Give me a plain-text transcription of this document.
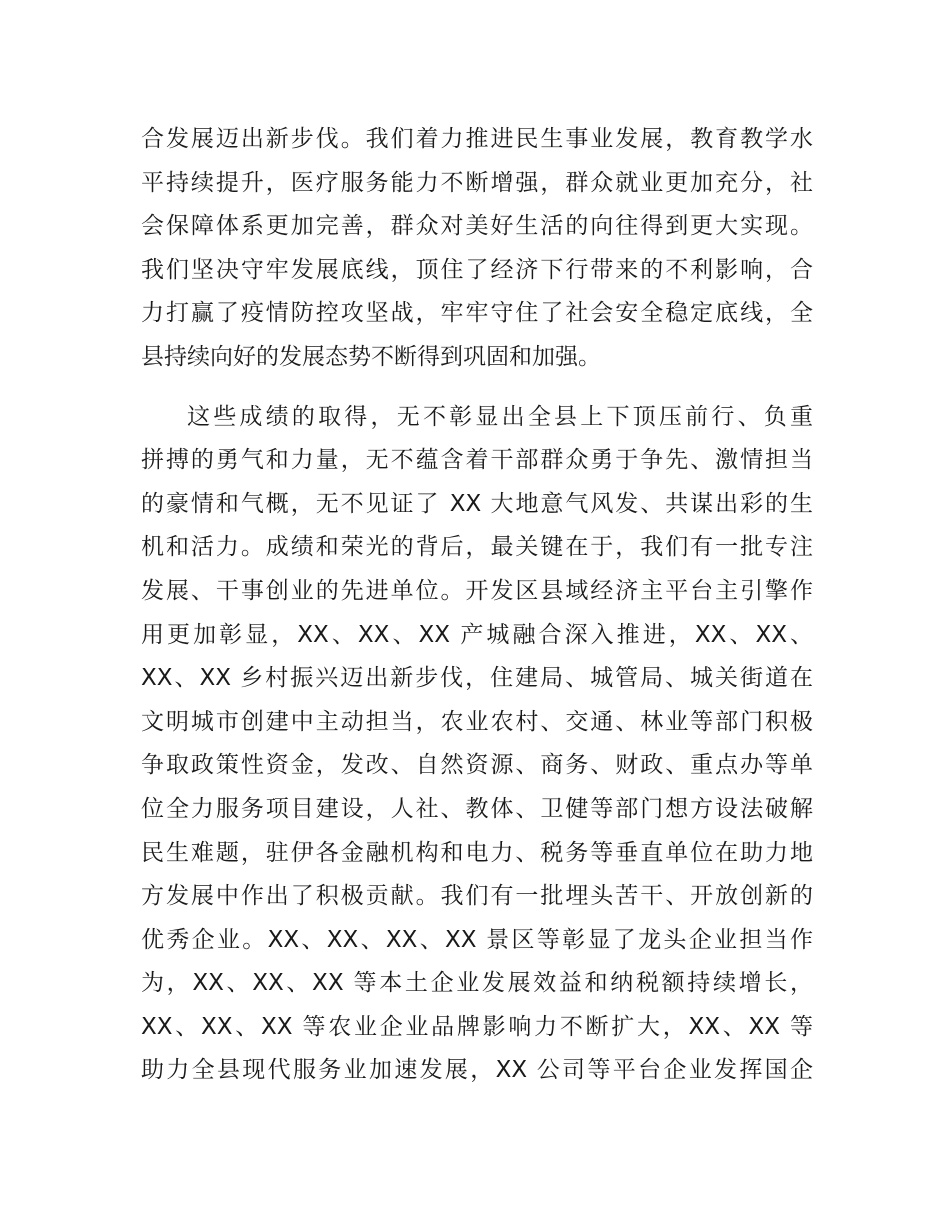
合发展迈出新步伐。我们着力推进民生事业发展，教育教学水
平持续提升，医疗服务能力不断增强，群众就业更加充分，社
会保障体系更加完善，群众对美好生活的向往得到更大实现。
我们坚决守牢发展底线，顶住了经济下行带来的不利影响，合
力打赢了疫情防控攻坚战，牢牢守住了社会安全稳定底线，全
县持续向好的发展态势不断得到巩固和加强。

这些成绩的取得，无不彰显出全县上下顶压前行、负重
拼搏的勇气和力量，无不蕴含着干部群众勇于争先、激情担当
的豪情和气概，无不见证了 XX 大地意气风发、共谋出彩的生
机和活力。成绩和荣光的背后，最关键在于，我们有一批专注
发展、干事创业的先进单位。开发区县域经济主平台主引擎作
用更加彰显，XX、XX、XX 产城融合深入推进，XX、XX、
XX、XX 乡村振兴迈出新步伐，住建局、城管局、城关街道在
文明城市创建中主动担当，农业农村、交通、林业等部门积极
争取政策性资金，发改、自然资源、商务、财政、重点办等单
位全力服务项目建设，人社、教体、卫健等部门想方设法破解
民生难题，驻伊各金融机构和电力、税务等垂直单位在助力地
方发展中作出了积极贡献。我们有一批埋头苦干、开放创新的
优秀企业。XX、XX、XX、XX 景区等彰显了龙头企业担当作
为，XX、XX、XX 等本土企业发展效益和纳税额持续增长，
XX、XX、XX 等农业企业品牌影响力不断扩大，XX、XX 等
助力全县现代服务业加速发展，XX 公司等平台企业发挥国企
